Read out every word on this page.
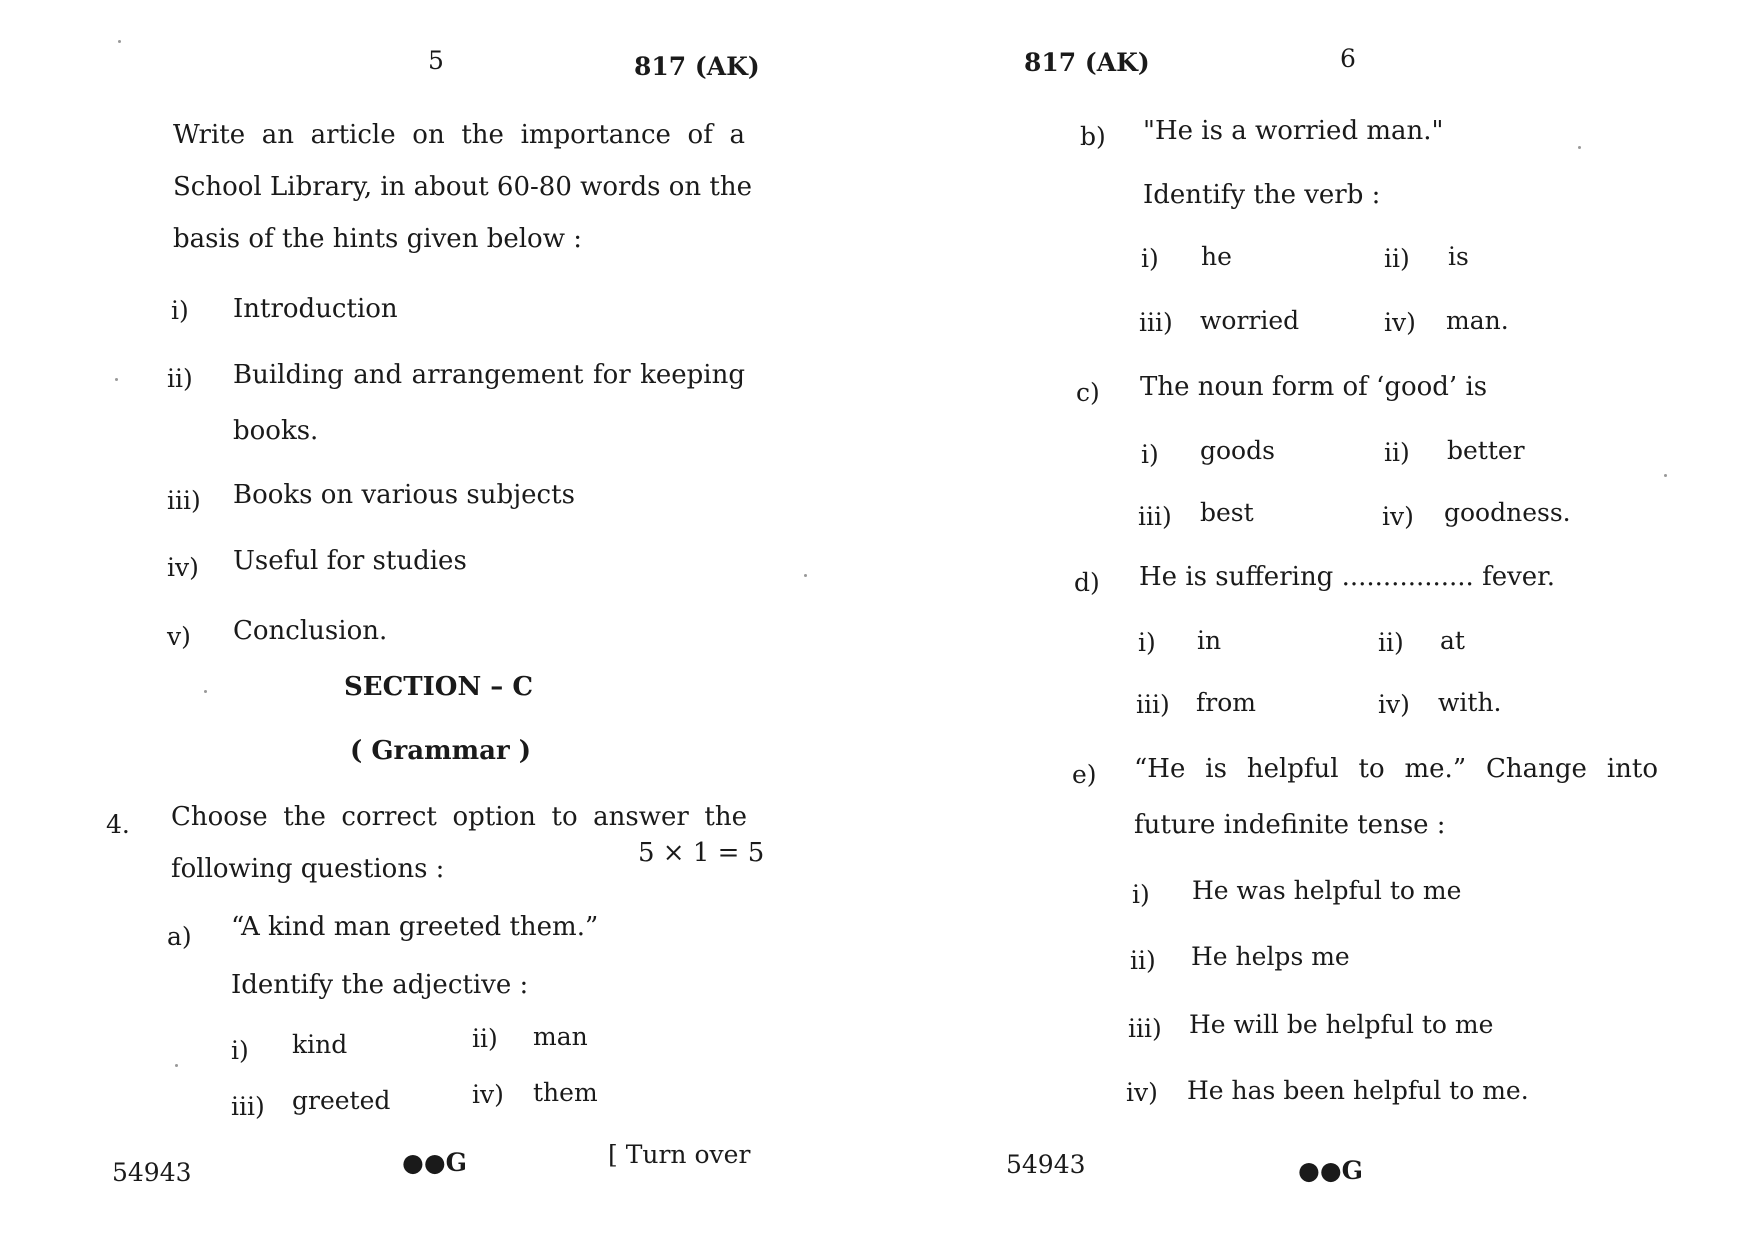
5	817 (AK)
Write an article on the importance of a
School Library, in about 60-80 words on the
basis of the hints given below :
i) Introduction
ii) Building and arrangement for keeping
books.
iii) Books on various subjects
iv) Useful for studies
v) Conclusion.
SECTION – C
( Grammar )
4. Choose the correct option to answer the
following questions :
5 × 1 = 5
a) “A kind man greeted them.”
Identify the adjective :
i) kind	ii) man
iii) greeted	iv) them
54943	●●G	[ Turn over
817 (AK)	6
b) "He is a worried man."
Identify the verb :
i) he	ii) is
iii) worried	iv) man.
c) The noun form of ‘good’ is
i) goods	ii) better
iii) best	iv) goodness.
d) He is suffering ................ fever.
i) in	ii) at
iii) from	iv) with.
e) “He is helpful to me.” Change into
future indefinite tense :
i) He was helpful to me
ii) He helps me
iii) He will be helpful to me
iv) He has been helpful to me.
54943	●●G
